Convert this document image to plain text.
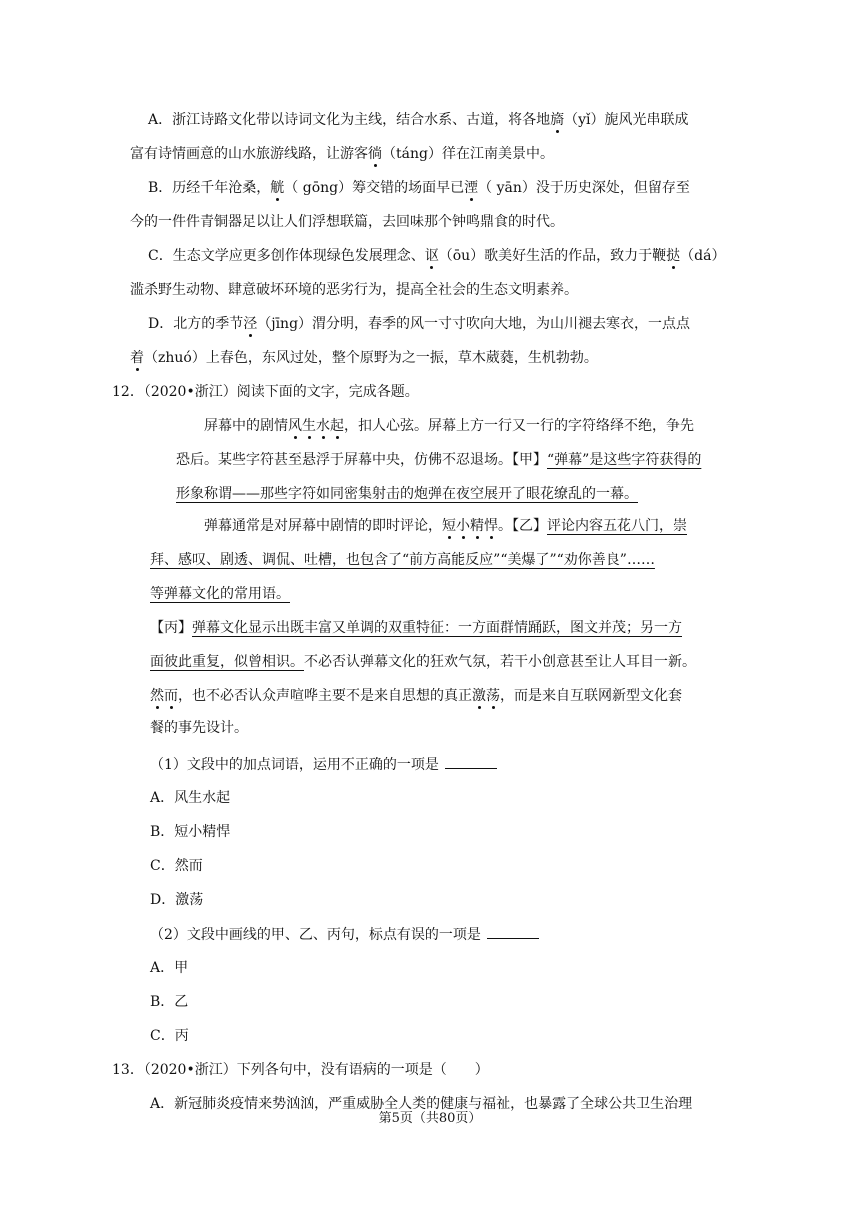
A．浙江诗路文化带以诗词文化为主线，结合水系、古道，将各地旖（yǐ）旎风光串联成
富有诗情画意的山水旅游线路，让游客徜（táng）徉在江南美景中。
B．历经千年沧桑，觥（ gōng）筹交错的场面早已湮（ yān）没于历史深处，但留存至
今的一件件青铜器足以让人们浮想联篇，去回味那个钟鸣鼎食的时代。
C．生态文学应更多创作体现绿色发展理念、讴（ōu）歌美好生活的作品，致力于鞭挞（dá）
滥杀野生动物、肆意破坏环境的恶劣行为，提高全社会的生态文明素养。
D．北方的季节泾（jīng）渭分明，春季的风一寸寸吹向大地，为山川褪去寒衣，一点点
着（zhuó）上春色，东风过处，整个原野为之一振，草木葳蕤，生机勃勃。
12．（2020•浙江）阅读下面的文字，完成各题。
屏幕中的剧情风生水起，扣人心弦。屏幕上方一行又一行的字符络绎不绝，争先
恐后。某些字符甚至悬浮于屏幕中央，仿佛不忍退场。【甲】“弹幕”是这些字符获得的
形象称谓——那些字符如同密集射击的炮弹在夜空展开了眼花缭乱的一幕。
弹幕通常是对屏幕中剧情的即时评论，短小精悍。【乙】评论内容五花八门，崇
拜、感叹、剧透、调侃、吐槽，也包含了“前方高能反应”“美爆了”“劝你善良”……
等弹幕文化的常用语。
【丙】弹幕文化显示出既丰富又单调的双重特征：一方面群情踊跃，图文并茂；另一方
面彼此重复，似曾相识。不必否认弹幕文化的狂欢气氛，若干小创意甚至让人耳目一新。
然而，也不必否认众声喧哗主要不是来自思想的真正激荡，而是来自互联网新型文化套
餐的事先设计。
（1）文段中的加点词语，运用不正确的一项是
A．风生水起
B．短小精悍
C．然而
D．激荡
（2）文段中画线的甲、乙、丙句，标点有误的一项是
A．甲
B．乙
C．丙
13．（2020•浙江）下列各句中，没有语病的一项是（　　）
A．新冠肺炎疫情来势汹汹，严重威胁全人类的健康与福祉，也暴露了全球公共卫生治理
第5页（共80页）
